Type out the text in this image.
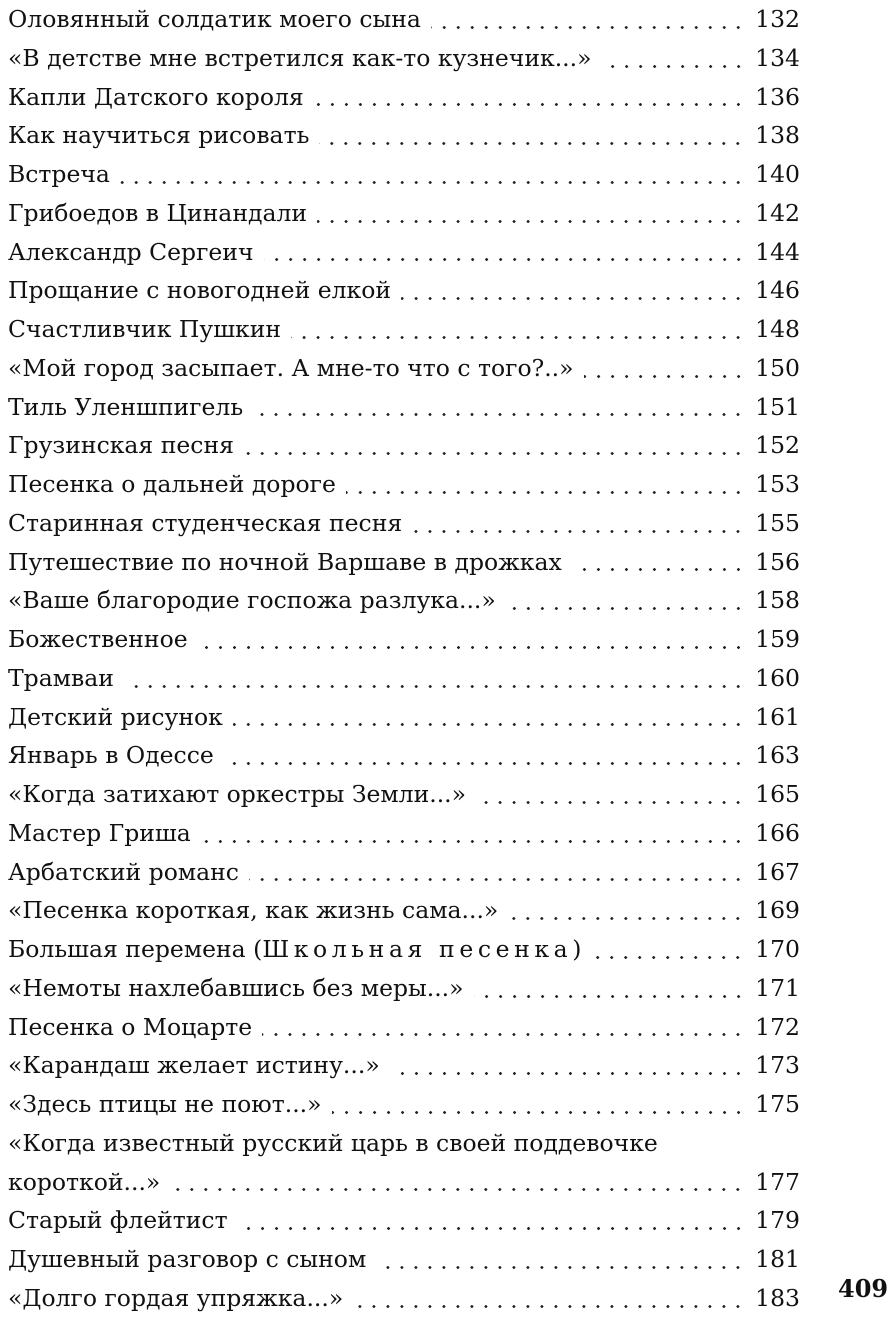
Оловянный солдатик моего сына	132
«В детстве мне встретился как-то кузнечик...»	134
Капли Датского короля	136
Как научиться рисовать	138
Встреча	140
Грибоедов в Цинандали	142
Александр Сергеич	144
Прощание с новогодней елкой	146
Счастливчик Пушкин	148
«Мой город засыпает. А мне-то что с того?..»	150
Тиль Уленшпигель	151
Грузинская песня	152
Песенка о дальней дороге	153
Старинная студенческая песня	155
Путешествие по ночной Варшаве в дрожках	156
«Ваше благородие госпожа разлука...»	158
Божественное	159
Трамваи	160
Детский рисунок	161
Январь в Одессе	163
«Когда затихают оркестры Земли...»	165
Мастер Гриша	166
Арбатский романс	167
«Песенка короткая, как жизнь сама...»	169
Большая перемена (Школьная песенка)	170
«Немоты нахлебавшись без меры...»	171
Песенка о Моцарте	172
«Карандаш желает истину...»	173
«Здесь птицы не поют...»	175
«Когда известный русский царь в своей поддевочке
короткой...»	177
Старый флейтист	179
Душевный разговор с сыном	181
«Долго гордая упряжка...»	183 409
